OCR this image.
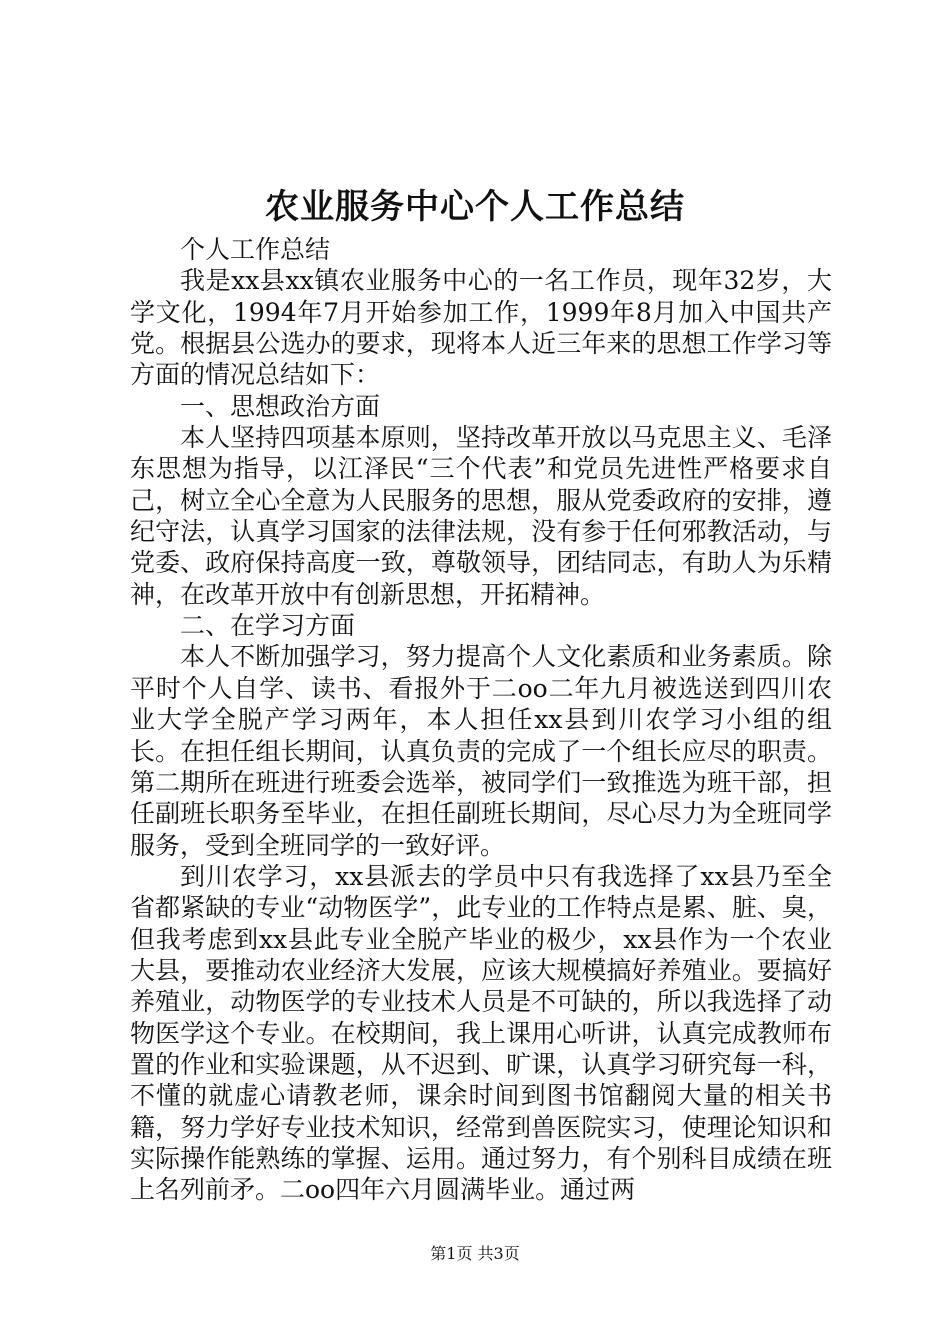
农业服务中心个人工作总结

个人工作总结

我是xx县xx镇农业服务中心的一名工作员，现年32岁，大学文化，1994年7月开始参加工作，1999年8月加入中国共产党。根据县公选办的要求，现将本人近三年来的思想工作学习等方面的情况总结如下：

一、思想政治方面

本人坚持四项基本原则，坚持改革开放以马克思主义、毛泽东思想为指导，以江泽民“三个代表”和党员先进性严格要求自己，树立全心全意为人民服务的思想，服从党委政府的安排，遵纪守法，认真学习国家的法律法规，没有参于任何邪教活动，与党委、政府保持高度一致，尊敬领导，团结同志，有助人为乐精神，在改革开放中有创新思想，开拓精神。

二、在学习方面

本人不断加强学习，努力提高个人文化素质和业务素质。除平时个人自学、读书、看报外于二oo二年九月被选送到四川农业大学全脱产学习两年，本人担任xx县到川农学习小组的组长。在担任组长期间，认真负责的完成了一个组长应尽的职责。第二期所在班进行班委会选举，被同学们一致推选为班干部，担任副班长职务至毕业，在担任副班长期间，尽心尽力为全班同学服务，受到全班同学的一致好评。

到川农学习，xx县派去的学员中只有我选择了xx县乃至全省都紧缺的专业“动物医学”，此专业的工作特点是累、脏、臭，但我考虑到xx县此专业全脱产毕业的极少，xx县作为一个农业大县，要推动农业经济大发展，应该大规模搞好养殖业。要搞好养殖业，动物医学的专业技术人员是不可缺的，所以我选择了动物医学这个专业。在校期间，我上课用心听讲，认真完成教师布置的作业和实验课题，从不迟到、旷课，认真学习研究每一科，不懂的就虚心请教老师，课余时间到图书馆翻阅大量的相关书籍，努力学好专业技术知识，经常到兽医院实习，使理论知识和实际操作能熟练的掌握、运用。通过努力，有个别科目成绩在班上名列前矛。二oo四年六月圆满毕业。通过两

第1页 共3页
